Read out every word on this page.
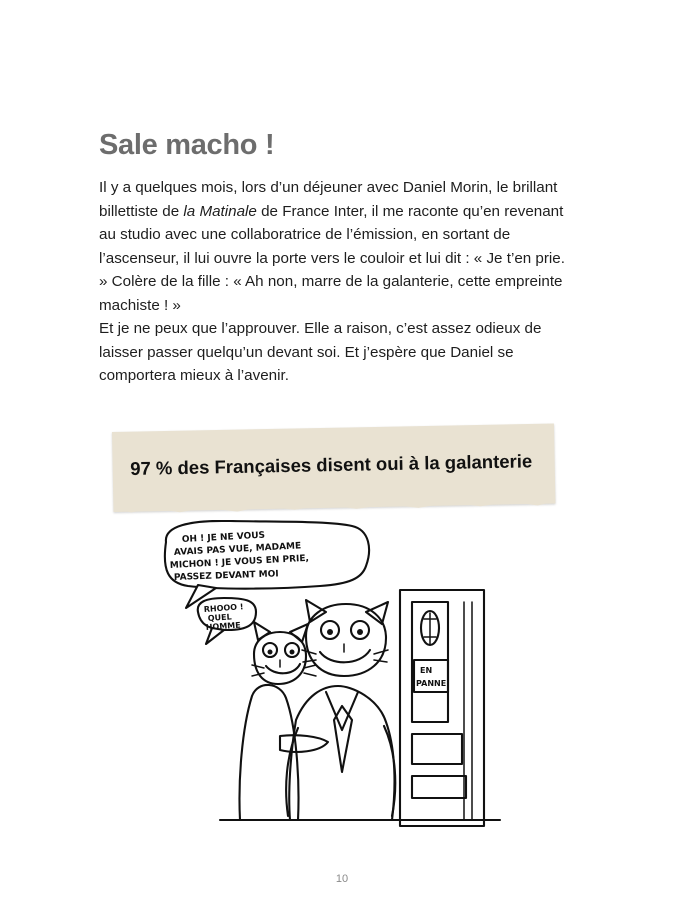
Sale macho !

Il y a quelques mois, lors d’un déjeuner avec Daniel Morin, le brillant billettiste de la Matinale de France Inter, il me raconte qu’en revenant au studio avec une collaboratrice de l’émission, en sortant de l’ascenseur, il lui ouvre la porte vers le couloir et lui dit : « Je t’en prie. » Colère de la fille : « Ah non, marre de la galanterie, cette empreinte machiste ! »

Et je ne peux que l’approuver. Elle a raison, c’est assez odieux de laisser passer quelqu’un devant soi. Et j’espère que Daniel se comportera mieux à l’avenir.

97 % des Françaises disent oui à la galanterie
OH ! JE NE VOUS
AVAIS PAS VUE, MADAME
MICHON ! JE VOUS EN PRIE,
PASSEZ DEVANT MOI
RHOOO !
QUEL
HOMME
EN
PANNE
10
